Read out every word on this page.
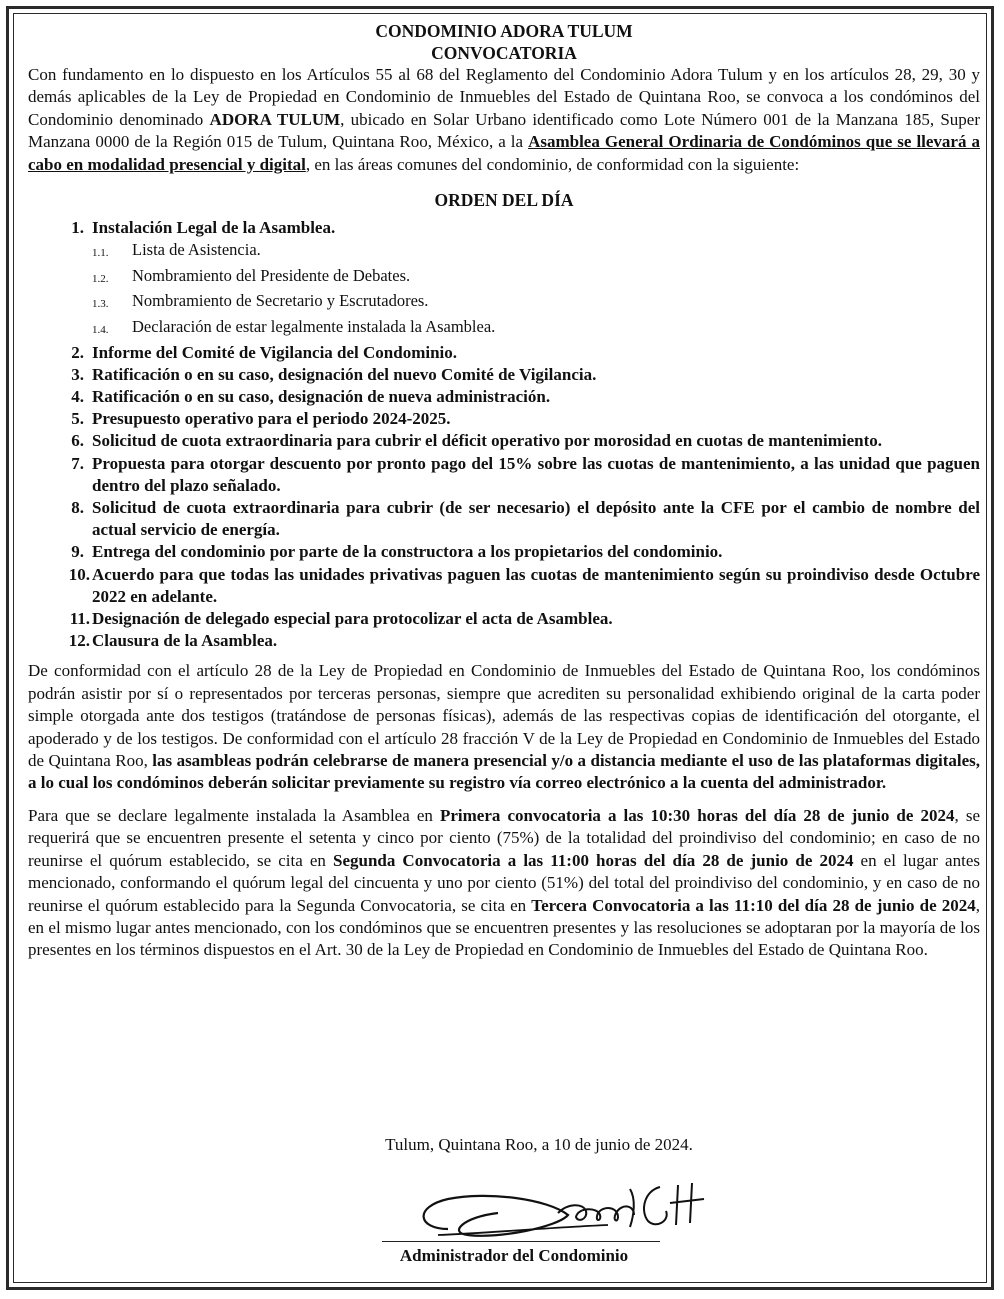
CONDOMINIO ADORA TULUM
CONVOCATORIA

Con fundamento en lo dispuesto en los Artículos 55 al 68 del Reglamento del Condominio Adora Tulum y en los artículos 28, 29, 30 y demás aplicables de la Ley de Propiedad en Condominio de Inmuebles del Estado de Quintana Roo, se convoca a los condóminos del Condominio denominado ADORA TULUM, ubicado en Solar Urbano identificado como Lote Número 001 de la Manzana 185, Super Manzana 0000 de la Región 015 de Tulum, Quintana Roo, México, a la Asamblea General Ordinaria de Condóminos que se llevará a cabo en modalidad presencial y digital, en las áreas comunes del condominio, de conformidad con la siguiente:

ORDEN DEL DÍA
1. Instalación Legal de la Asamblea.
1.1.	Lista de Asistencia.
1.2.	Nombramiento del Presidente de Debates.
1.3.	Nombramiento de Secretario y Escrutadores.
1.4.	Declaración de estar legalmente instalada la Asamblea.
2. Informe del Comité de Vigilancia del Condominio.
3. Ratificación o en su caso, designación del nuevo Comité de Vigilancia.
4. Ratificación o en su caso, designación de nueva administración.
5. Presupuesto operativo para el periodo 2024-2025.
6. Solicitud de cuota extraordinaria para cubrir el déficit operativo por morosidad en cuotas de mantenimiento.
7. Propuesta para otorgar descuento por pronto pago del 15% sobre las cuotas de mantenimiento, a las unidad que paguen dentro del plazo señalado.
8. Solicitud de cuota extraordinaria para cubrir (de ser necesario) el depósito ante la CFE por el cambio de nombre del actual servicio de energía.
9. Entrega del condominio por parte de la constructora a los propietarios del condominio.
10. Acuerdo para que todas las unidades privativas paguen las cuotas de mantenimiento según su proindiviso desde Octubre 2022 en adelante.
11. Designación de delegado especial para protocolizar el acta de Asamblea.
12. Clausura de la Asamblea.

De conformidad con el artículo 28 de la Ley de Propiedad en Condominio de Inmuebles del Estado de Quintana Roo, los condóminos podrán asistir por sí o representados por terceras personas, siempre que acrediten su personalidad exhibiendo original de la carta poder simple otorgada ante dos testigos (tratándose de personas físicas), además de las respectivas copias de identificación del otorgante, el apoderado y de los testigos. De conformidad con el artículo 28 fracción V de la Ley de Propiedad en Condominio de Inmuebles del Estado de Quintana Roo, las asambleas podrán celebrarse de manera presencial y/o a distancia mediante el uso de las plataformas digitales, a lo cual los condóminos deberán solicitar previamente su registro vía correo electrónico a la cuenta del administrador.

Para que se declare legalmente instalada la Asamblea en Primera convocatoria a las 10:30 horas del día 28 de junio de 2024, se requerirá que se encuentren presente el setenta y cinco por ciento (75%) de la totalidad del proindiviso del condominio; en caso de no reunirse el quórum establecido, se cita en Segunda Convocatoria a las 11:00 horas del día 28 de junio de 2024 en el lugar antes mencionado, conformando el quórum legal del cincuenta y uno por ciento (51%) del total del proindiviso del condominio, y en caso de no reunirse el quórum establecido para la Segunda Convocatoria, se cita en Tercera Convocatoria a las 11:10 del día 28 de junio de 2024, en el mismo lugar antes mencionado, con los condóminos que se encuentren presentes y las resoluciones se adoptaran por la mayoría de los presentes en los términos dispuestos en el Art. 30 de la Ley de Propiedad en Condominio de Inmuebles del Estado de Quintana Roo.

Tulum, Quintana Roo, a 10 de junio de 2024.
Administrador del Condominio
